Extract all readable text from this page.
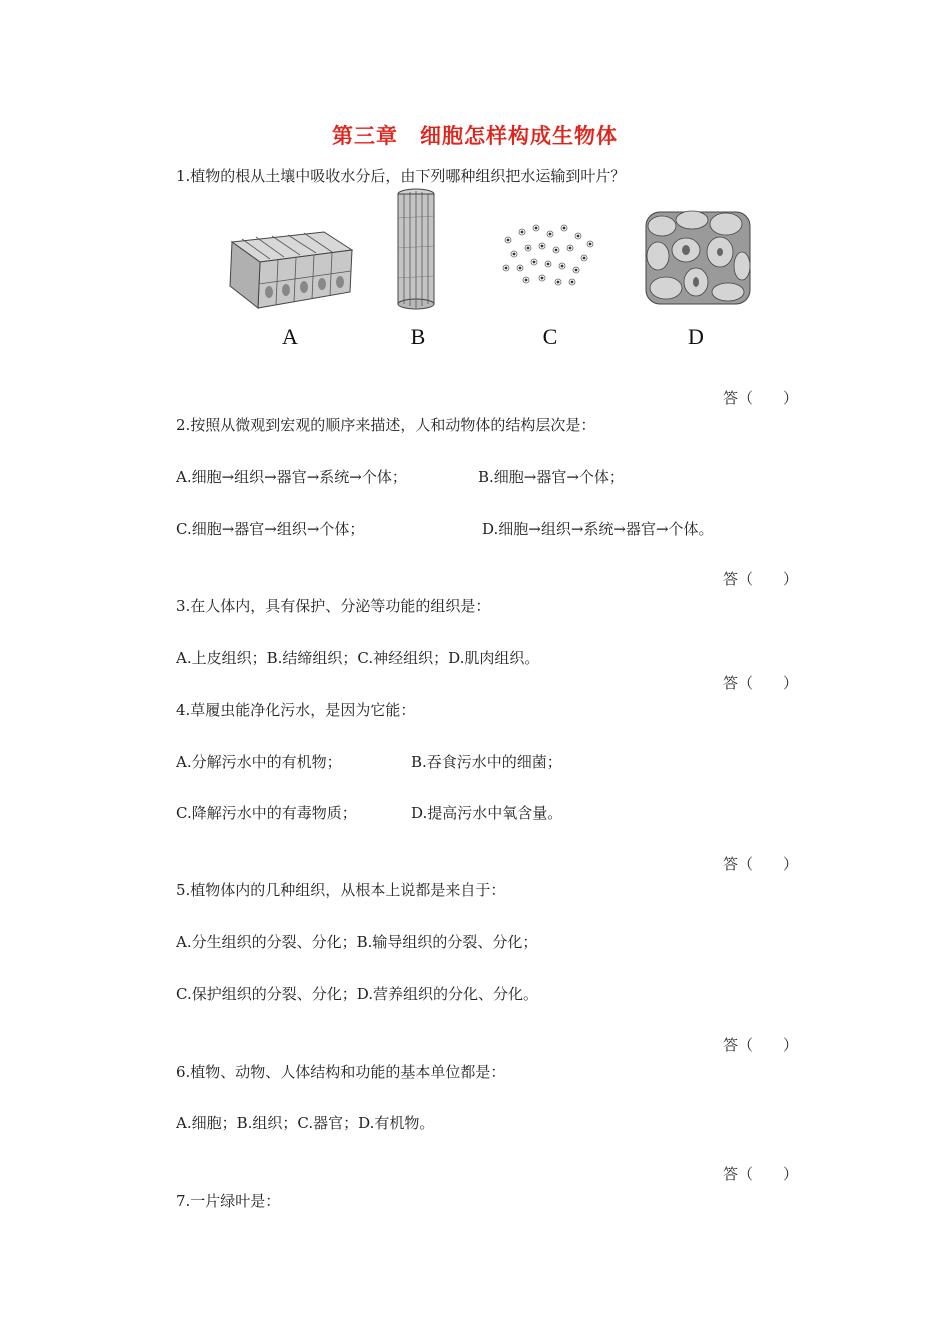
第三章　细胞怎样构成生物体
1.植物的根从土壤中吸收水分后，由下列哪种组织把水运输到叶片？
A	B	C	D
答（　　）
2.按照从微观到宏观的顺序来描述，人和动物体的结构层次是：
A.细胞→组织→器官→系统→个体；	B.细胞→器官→个体；
C.细胞→器官→组织→个体；	D.细胞→组织→系统→器官→个体。
答（　　）
3.在人体内，具有保护、分泌等功能的组织是：
A.上皮组织；B.结缔组织；C.神经组织；D.肌肉组织。
答（　　）
4.草履虫能净化污水，是因为它能：
A.分解污水中的有机物；	B.吞食污水中的细菌；
C.降解污水中的有毒物质；	D.提高污水中氧含量。
答（　　）
5.植物体内的几种组织，从根本上说都是来自于：
A.分生组织的分裂、分化；B.输导组织的分裂、分化；
C.保护组织的分裂、分化；D.营养组织的分化、分化。
答（　　）
6.植物、动物、人体结构和功能的基本单位都是：
A.细胞；B.组织；C.器官；D.有机物。
答（　　）
7.一片绿叶是：
